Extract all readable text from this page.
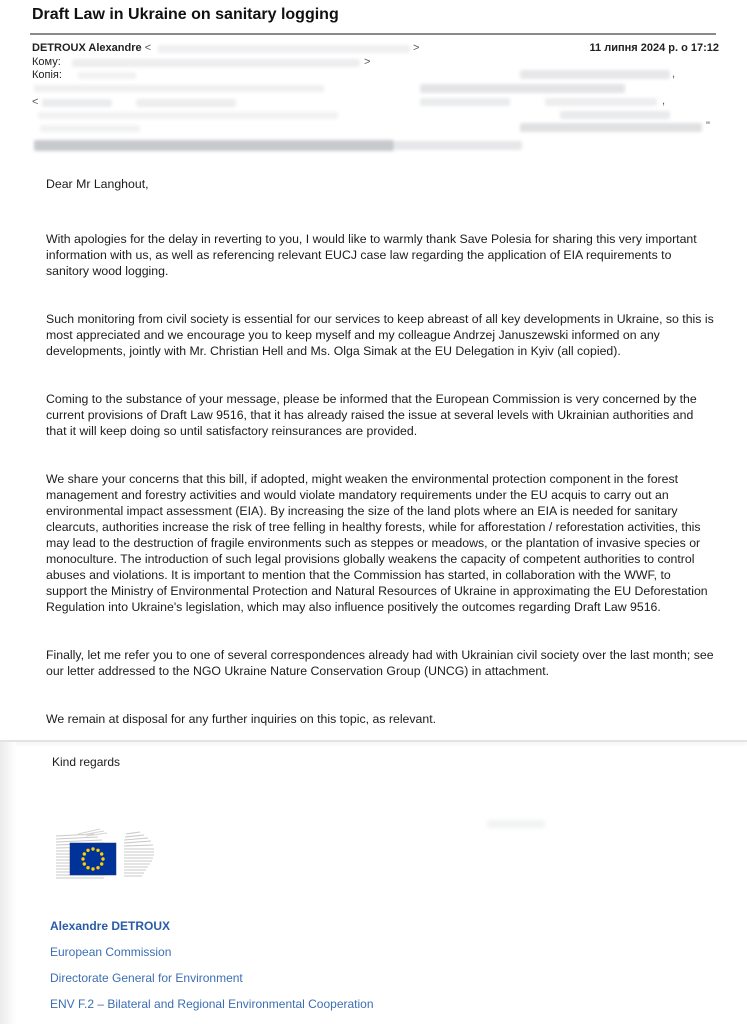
Draft Law in Ukraine on sanitary logging
DETROUX Alexandre <	>	11 липня 2024 р. о 17:12
Кому:	>
Копія:	,
<	,
"

Dear Mr Langhout,

With apologies for the delay in reverting to you, I would like to warmly thank Save Polesia for sharing this very important information with us, as well as referencing relevant EUCJ case law regarding the application of EIA requirements to sanitory wood logging.

Such monitoring from civil society is essential for our services to keep abreast of all key developments in Ukraine, so this is most appreciated and we encourage you to keep myself and my colleague Andrzej Januszewski informed on any developments, jointly with Mr. Christian Hell and Ms. Olga Simak at the EU Delegation in Kyiv (all copied).

Coming to the substance of your message, please be informed that the European Commission is very concerned by the current provisions of Draft Law 9516, that it has already raised the issue at several levels with Ukrainian authorities and that it will keep doing so until satisfactory reinsurances are provided.

We share your concerns that this bill, if adopted, might weaken the environmental protection component in the forest management and forestry activities and would violate mandatory requirements under the EU acquis to carry out an environmental impact assessment (EIA). By increasing the size of the land plots where an EIA is needed for sanitary clearcuts, authorities increase the risk of tree felling in healthy forests, while for afforestation / reforestation activities, this may lead to the destruction of fragile environments such as steppes or meadows, or the plantation of invasive species or monoculture. The introduction of such legal provisions globally weakens the capacity of competent authorities to control abuses and violations. It is important to mention that the Commission has started, in collaboration with the WWF, to support the Ministry of Environmental Protection and Natural Resources of Ukraine in approximating the EU Deforestation Regulation into Ukraine's legislation, which may also influence positively the outcomes regarding Draft Law 9516.

Finally, let me refer you to one of several correspondences already had with Ukrainian civil society over the last month; see our letter addressed to the NGO Ukraine Nature Conservation Group (UNCG) in attachment.

We remain at disposal for any further inquiries on this topic, as relevant.

Kind regards
Alexandre DETROUX
European Commission
Directorate General for Environment
ENV F.2 – Bilateral and Regional Environmental Cooperation
